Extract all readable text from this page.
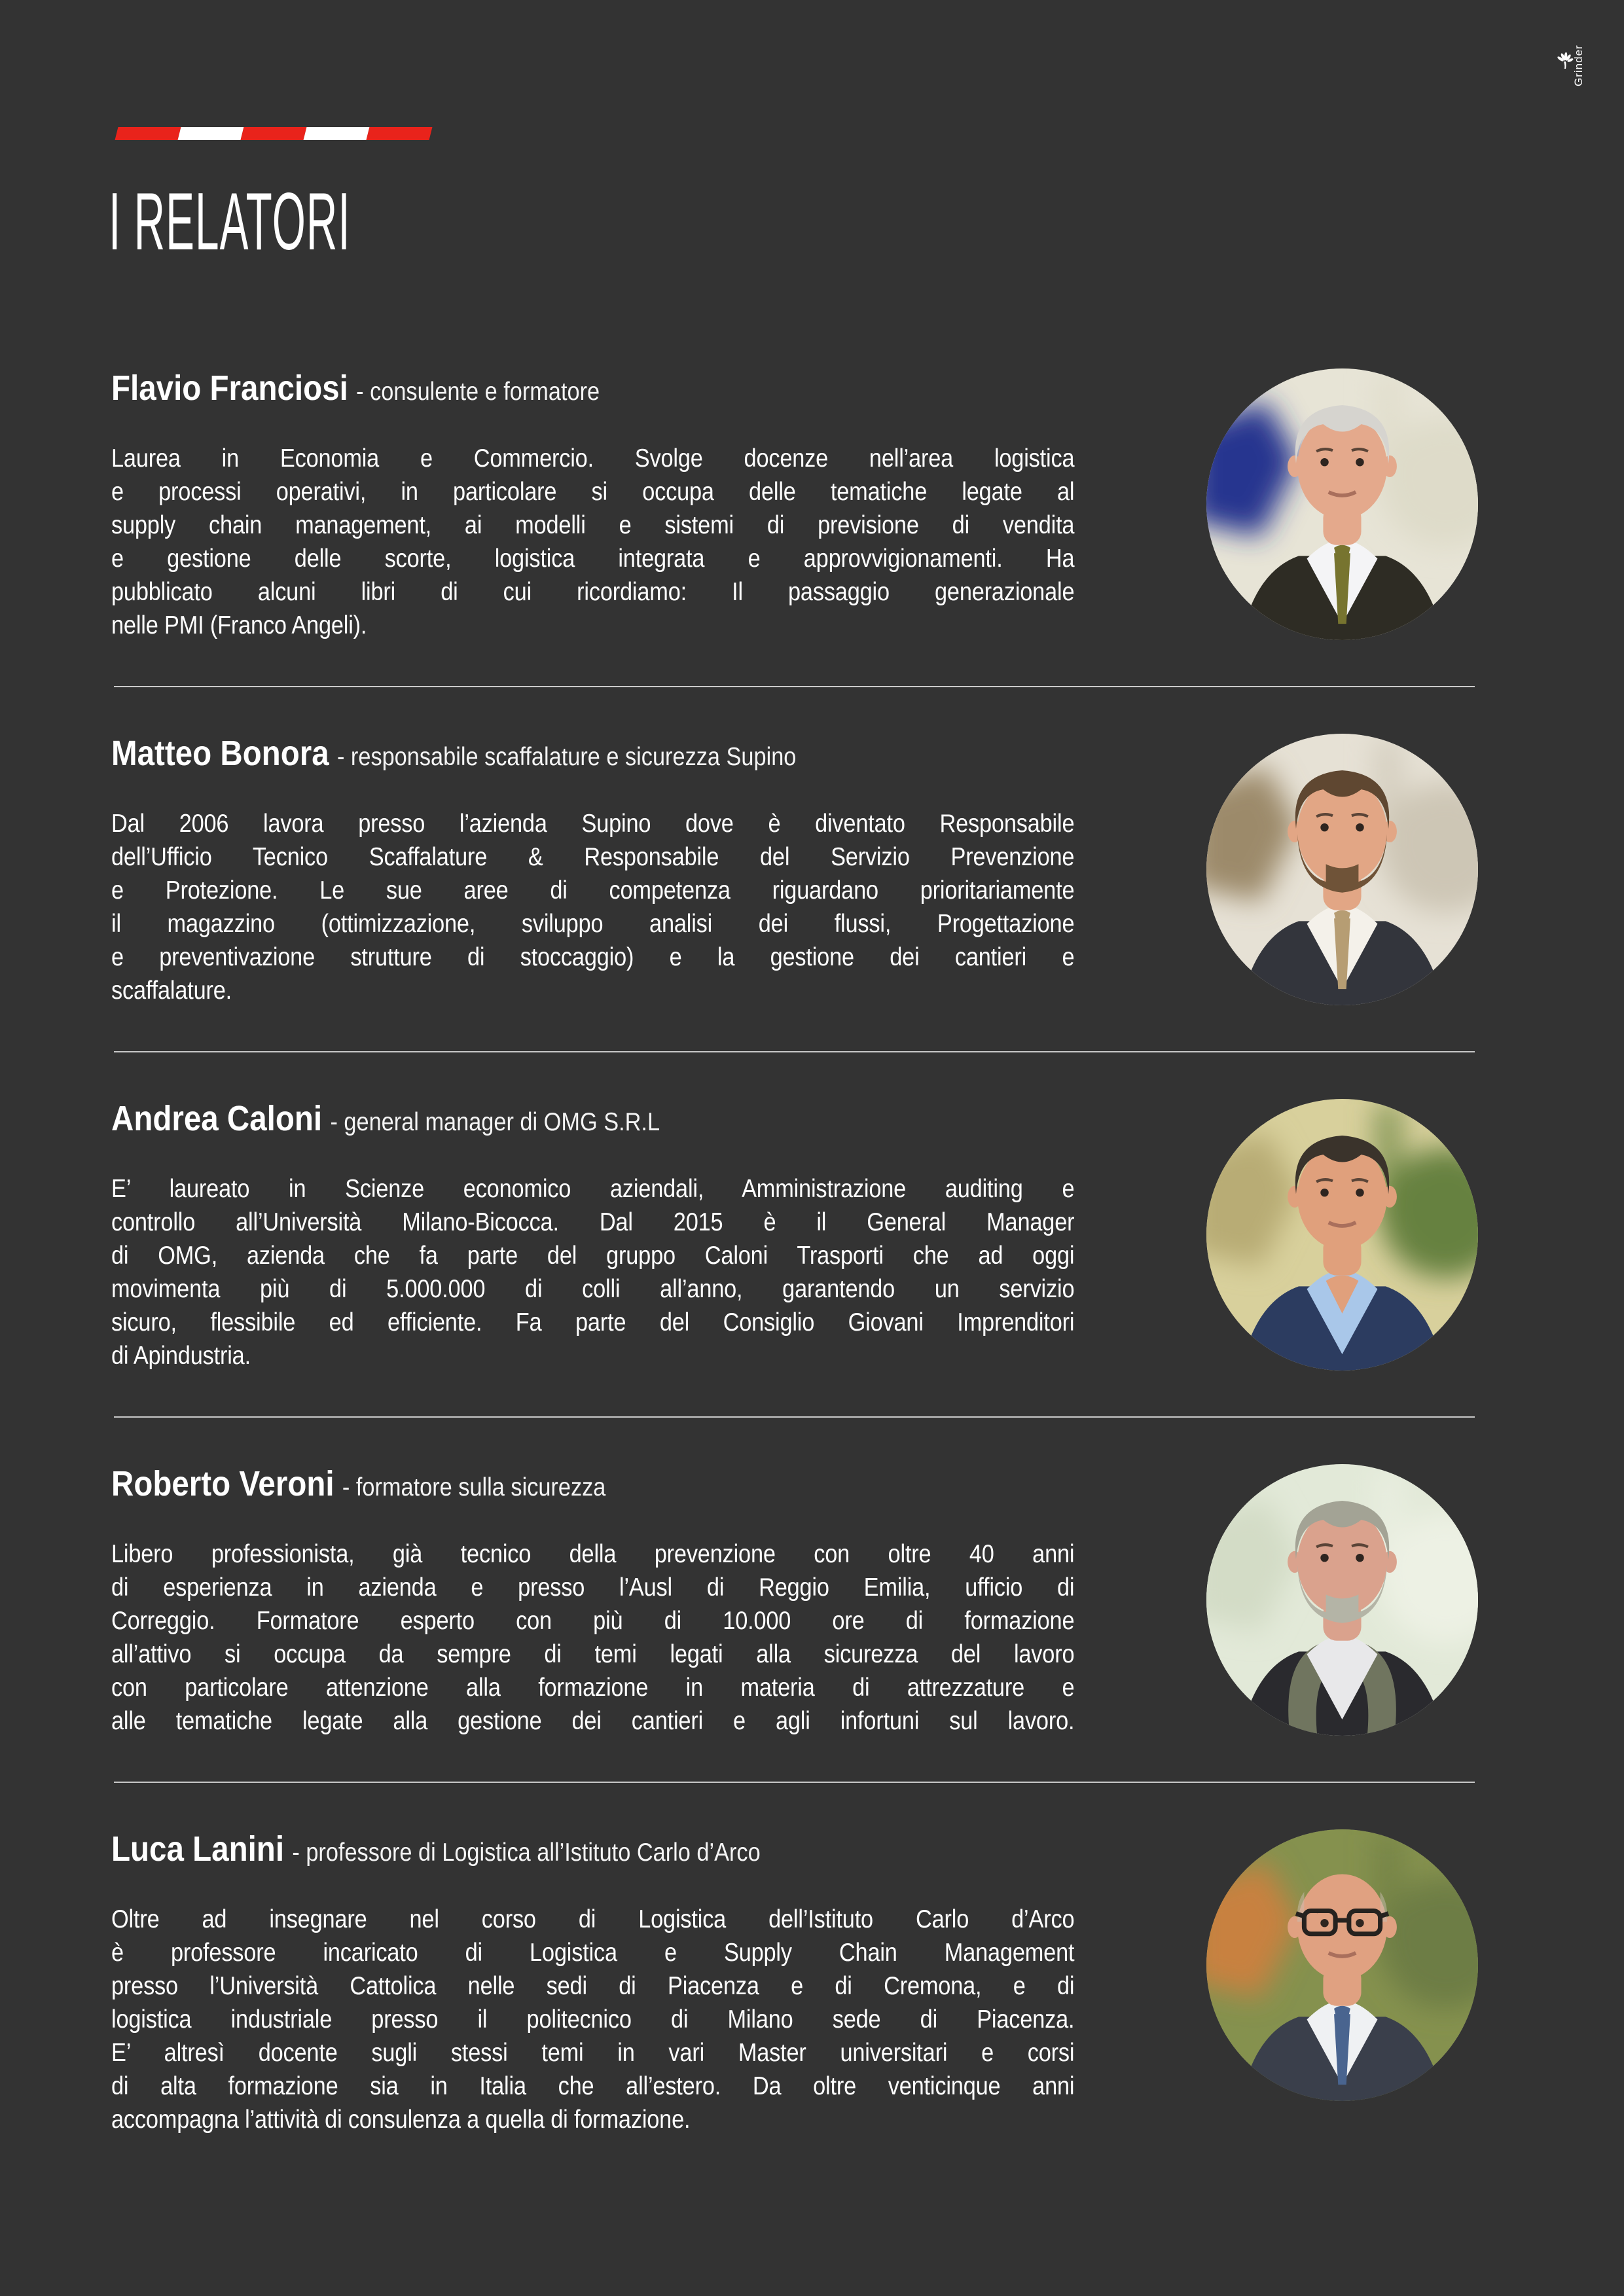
Grinder
I RELATORI
Flavio Franciosi - consulente e formatore
Laurea in Economia e Commercio. Svolge docenze nell’area logistica
e processi operativi, in particolare si occupa delle tematiche legate al
supply chain management, ai modelli e sistemi di previsione di vendita
e gestione delle scorte, logistica integrata e approvvigionamenti. Ha
pubblicato alcuni libri di cui ricordiamo: Il passaggio generazionale
nelle PMI (Franco Angeli).
Matteo Bonora - responsabile scaffalature e sicurezza Supino
Dal 2006 lavora presso l’azienda Supino dove è diventato Responsabile
dell’Ufficio Tecnico Scaffalature & Responsabile del Servizio Prevenzione
e Protezione. Le sue aree di competenza riguardano prioritariamente
il magazzino (ottimizzazione, sviluppo analisi dei flussi, Progettazione
e preventivazione strutture di stoccaggio) e la gestione dei cantieri e
scaffalature.
Andrea Caloni - general manager di OMG S.R.L
E’ laureato in Scienze economico aziendali, Amministrazione auditing e
controllo all’Università Milano-Bicocca. Dal 2015 è il General Manager
di OMG, azienda che fa parte del gruppo Caloni Trasporti che ad oggi
movimenta più di 5.000.000 di colli all’anno, garantendo un servizio
sicuro, flessibile ed efficiente. Fa parte del Consiglio Giovani Imprenditori
di Apindustria.
Roberto Veroni - formatore sulla sicurezza
Libero professionista, già tecnico della prevenzione con oltre 40 anni
di esperienza in azienda e presso l’Ausl di Reggio Emilia, ufficio di
Correggio. Formatore esperto con più di 10.000 ore di formazione
all’attivo si occupa da sempre di temi legati alla sicurezza del lavoro
con particolare attenzione alla formazione in materia di attrezzature e
alle tematiche legate alla gestione dei cantieri e agli infortuni sul lavoro.
Luca Lanini - professore di Logistica all’Istituto Carlo d’Arco
Oltre ad insegnare nel corso di Logistica dell’Istituto Carlo d’Arco
è professore incaricato di Logistica e Supply Chain Management
presso l’Università Cattolica nelle sedi di Piacenza e di Cremona, e di
logistica industriale presso il politecnico di Milano sede di Piacenza.
E’ altresì docente sugli stessi temi in vari Master universitari e corsi
di alta formazione sia in Italia che all’estero. Da oltre venticinque anni
accompagna l’attività di consulenza a quella di formazione.
